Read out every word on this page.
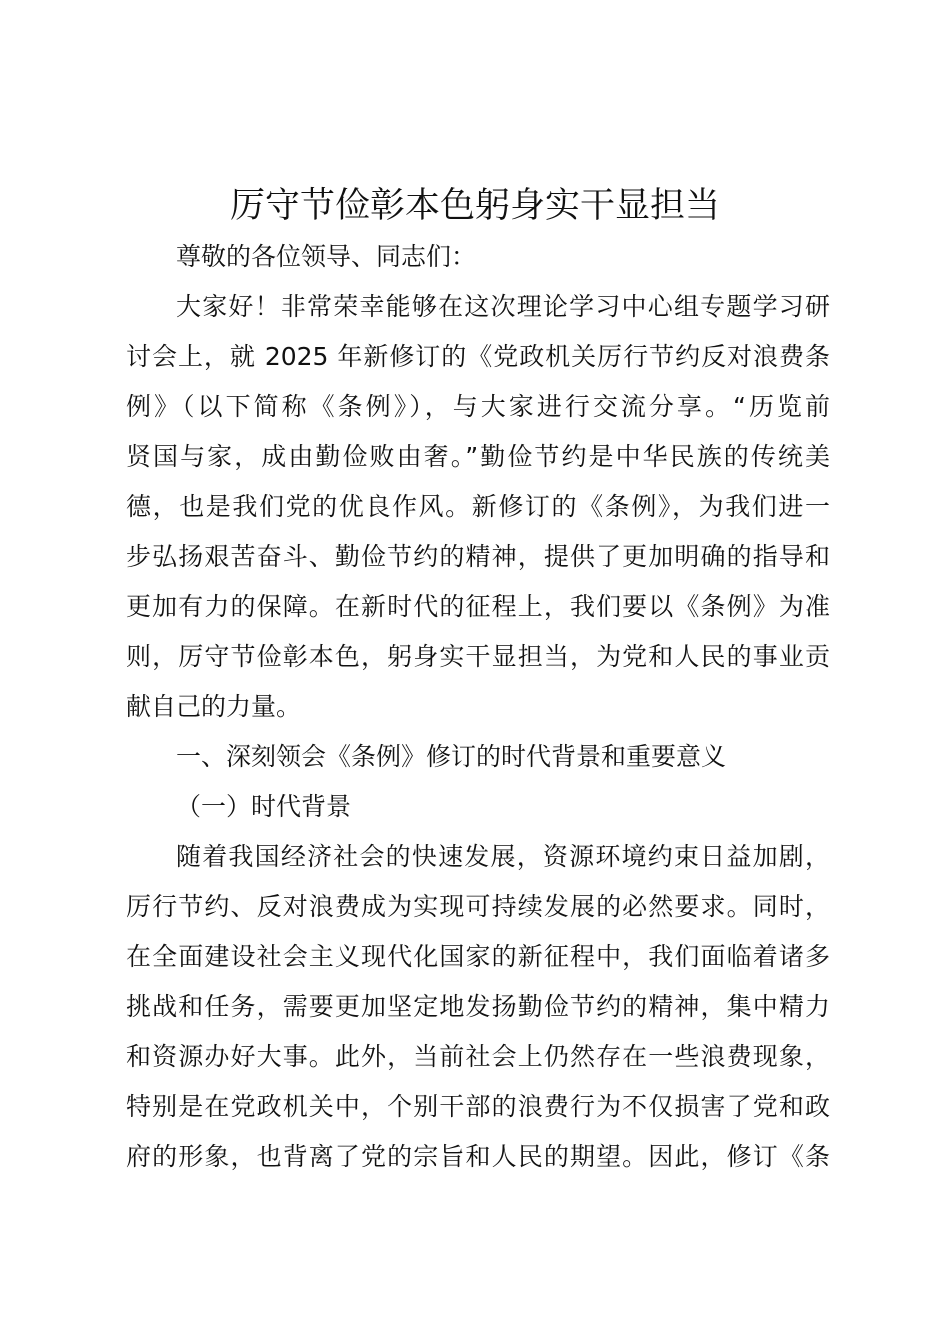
厉守节俭彰本色躬身实干显担当
尊敬的各位领导、同志们：
大家好！非常荣幸能够在这次理论学习中心组专题学习研
讨会上，就 2025 年新修订的《党政机关厉行节约反对浪费条
例》（以下简称《条例》），与大家进行交流分享。“历览前
贤国与家，成由勤俭败由奢。”勤俭节约是中华民族的传统美
德，也是我们党的优良作风。新修订的《条例》，为我们进一
步弘扬艰苦奋斗、勤俭节约的精神，提供了更加明确的指导和
更加有力的保障。在新时代的征程上，我们要以《条例》为准
则，厉守节俭彰本色，躬身实干显担当，为党和人民的事业贡
献自己的力量。
一、深刻领会《条例》修订的时代背景和重要意义
（一）时代背景
随着我国经济社会的快速发展，资源环境约束日益加剧，
厉行节约、反对浪费成为实现可持续发展的必然要求。同时，
在全面建设社会主义现代化国家的新征程中，我们面临着诸多
挑战和任务，需要更加坚定地发扬勤俭节约的精神，集中精力
和资源办好大事。此外，当前社会上仍然存在一些浪费现象，
特别是在党政机关中，个别干部的浪费行为不仅损害了党和政
府的形象，也背离了党的宗旨和人民的期望。因此，修订《条
